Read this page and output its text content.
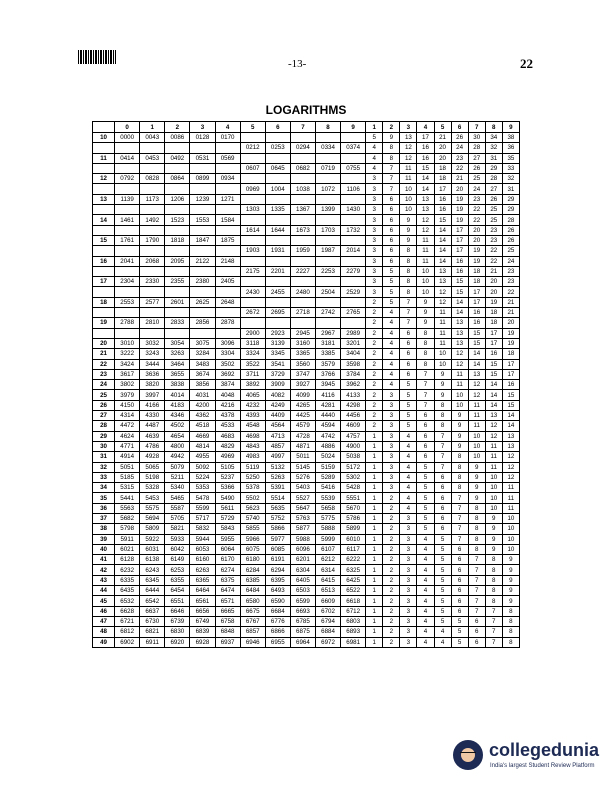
-13-	22
LOGARITHMS
	0	1	2	3	4	5	6	7	8	9	1	2	3	4	5	6	7	8	9
10	0000	0043	0086	0128	0170						5	9	13	17	21	26	30	34	38
						0212	0253	0294	0334	0374	4	8	12	16	20	24	28	32	36
11	0414	0453	0492	0531	0569						4	8	12	16	20	23	27	31	35
						0607	0645	0682	0719	0755	4	7	11	15	18	22	26	29	33
12	0792	0828	0864	0899	0934						3	7	11	14	18	21	25	28	32
						0969	1004	1038	1072	1106	3	7	10	14	17	20	24	27	31
13	1139	1173	1206	1239	1271						3	6	10	13	16	19	23	26	29
						1303	1335	1367	1399	1430	3	6	10	13	16	19	22	25	29
14	1461	1492	1523	1553	1584						3	6	9	12	15	19	22	25	28
						1614	1644	1673	1703	1732	3	6	9	12	14	17	20	23	26
15	1761	1790	1818	1847	1875						3	6	9	11	14	17	20	23	26
						1903	1931	1959	1987	2014	3	6	8	11	14	17	19	22	25
16	2041	2068	2095	2122	2148						3	6	8	11	14	16	19	22	24
						2175	2201	2227	2253	2279	3	5	8	10	13	16	18	21	23
17	2304	2330	2355	2380	2405						3	5	8	10	13	15	18	20	23
						2430	2455	2480	2504	2529	3	5	8	10	12	15	17	20	22
18	2553	2577	2601	2625	2648						2	5	7	9	12	14	17	19	21
						2672	2695	2718	2742	2765	2	4	7	9	11	14	16	18	21
19	2788	2810	2833	2856	2878						2	4	7	9	11	13	16	18	20
						2900	2923	2945	2967	2989	2	4	6	8	11	13	15	17	19
20	3010	3032	3054	3075	3096	3118	3139	3160	3181	3201	2	4	6	8	11	13	15	17	19
21	3222	3243	3263	3284	3304	3324	3345	3365	3385	3404	2	4	6	8	10	12	14	16	18
22	3424	3444	3464	3483	3502	3522	3541	3560	3579	3598	2	4	6	8	10	12	14	15	17
23	3617	3636	3655	3674	3692	3711	3729	3747	3766	3784	2	4	6	7	9	11	13	15	17
24	3802	3820	3838	3856	3874	3892	3909	3927	3945	3962	2	4	5	7	9	11	12	14	16
25	3979	3997	4014	4031	4048	4065	4082	4099	4116	4133	2	3	5	7	9	10	12	14	15
26	4150	4166	4183	4200	4216	4232	4249	4265	4281	4298	2	3	5	7	8	10	11	14	15
27	4314	4330	4346	4362	4378	4393	4409	4425	4440	4456	2	3	5	6	8	9	11	13	14
28	4472	4487	4502	4518	4533	4548	4564	4579	4594	4609	2	3	5	6	8	9	11	12	14
29	4624	4639	4654	4669	4683	4698	4713	4728	4742	4757	1	3	4	6	7	9	10	12	13
30	4771	4786	4800	4814	4829	4843	4857	4871	4886	4900	1	3	4	6	7	9	10	11	13
31	4914	4928	4942	4955	4969	4983	4997	5011	5024	5038	1	3	4	6	7	8	10	11	12
32	5051	5065	5079	5092	5105	5119	5132	5145	5159	5172	1	3	4	5	7	8	9	11	12
33	5185	5198	5211	5224	5237	5250	5263	5276	5289	5302	1	3	4	5	6	8	9	10	12
34	5315	5328	5340	5353	5366	5378	5391	5403	5416	5428	1	3	4	5	6	8	9	10	11
35	5441	5453	5465	5478	5490	5502	5514	5527	5539	5551	1	2	4	5	6	7	9	10	11
36	5563	5575	5587	5599	5611	5623	5635	5647	5658	5670	1	2	4	5	6	7	8	10	11
37	5682	5694	5705	5717	5729	5740	5752	5763	5775	5786	1	2	3	5	6	7	8	9	10
38	5798	5809	5821	5832	5843	5855	5866	5877	5888	5899	1	2	3	5	6	7	8	9	10
39	5911	5922	5933	5944	5955	5966	5977	5988	5999	6010	1	2	3	4	5	7	8	9	10
40	6021	6031	6042	6053	6064	6075	6085	6096	6107	6117	1	2	3	4	5	6	8	9	10
41	6128	6138	6149	6160	6170	6180	6191	6201	6212	6222	1	2	3	4	5	6	7	8	9
42	6232	6243	6253	6263	6274	6284	6294	6304	6314	6325	1	2	3	4	5	6	7	8	9
43	6335	6345	6355	6365	6375	6385	6395	6405	6415	6425	1	2	3	4	5	6	7	8	9
44	6435	6444	6454	6464	6474	6484	6493	6503	6513	6522	1	2	3	4	5	6	7	8	9
45	6532	6542	6551	6561	6571	6580	6590	6599	6609	6618	1	2	3	4	5	6	7	8	9
46	6628	6637	6646	6656	6665	6675	6684	6693	6702	6712	1	2	3	4	5	6	7	7	8
47	6721	6730	6739	6749	6758	6767	6776	6785	6794	6803	1	2	3	4	5	5	6	7	8
48	6812	6821	6830	6839	6848	6857	6866	6875	6884	6893	1	2	3	4	4	5	6	7	8
49	6902	6911	6920	6928	6937	6946	6955	6964	6972	6981	1	2	3	4	4	5	6	7	8
collegedunia
India's largest Student Review Platform
